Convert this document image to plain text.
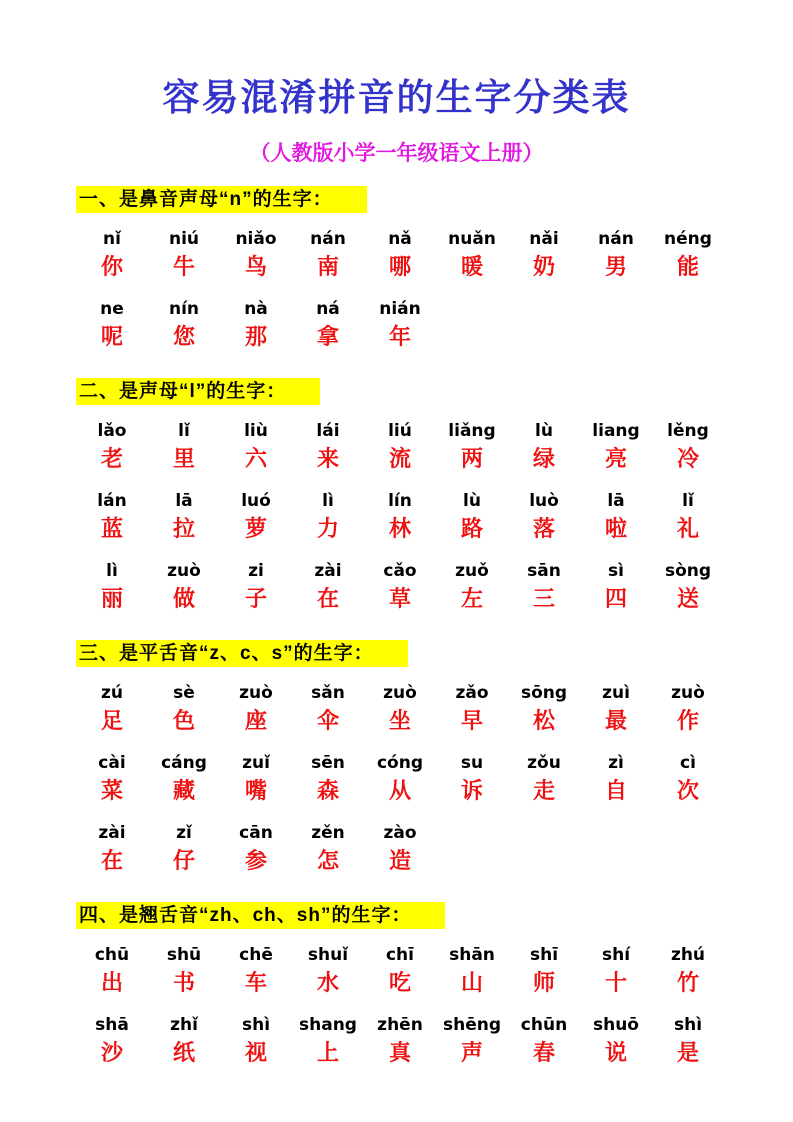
容易混淆拼音的生字分类表
（人教版小学一年级语文上册）
一、是鼻音声母“n”的生字：
nǐ
你
niú
牛
niǎo
鸟
nán
南
nǎ
哪
nuǎn
暖
nǎi
奶
nán
男
néng
能
ne
呢
nín
您
nà
那
ná
拿
nián
年
二、是声母“l”的生字：
lǎo
老
lǐ
里
liù
六
lái
来
liú
流
liǎng
两
lù
绿
liang
亮
lěng
冷
lán
蓝
lā
拉
luó
萝
lì
力
lín
林
lù
路
luò
落
lā
啦
lǐ
礼
lì
丽
zuò
做
zi
子
zài
在
cǎo
草
zuǒ
左
sān
三
sì
四
sòng
送
三、是平舌音“z、c、s”的生字：
zú
足
sè
色
zuò
座
sǎn
伞
zuò
坐
zǎo
早
sōng
松
zuì
最
zuò
作
cài
菜
cáng
藏
zuǐ
嘴
sēn
森
cóng
从
su
诉
zǒu
走
zì
自
cì
次
zài
在
zǐ
仔
cān
参
zěn
怎
zào
造
四、是翘舌音“zh、ch、sh”的生字：
chū
出
shū
书
chē
车
shuǐ
水
chī
吃
shān
山
shī
师
shí
十
zhú
竹
shā
沙
zhǐ
纸
shì
视
shang
上
zhēn
真
shēng
声
chūn
春
shuō
说
shì
是
